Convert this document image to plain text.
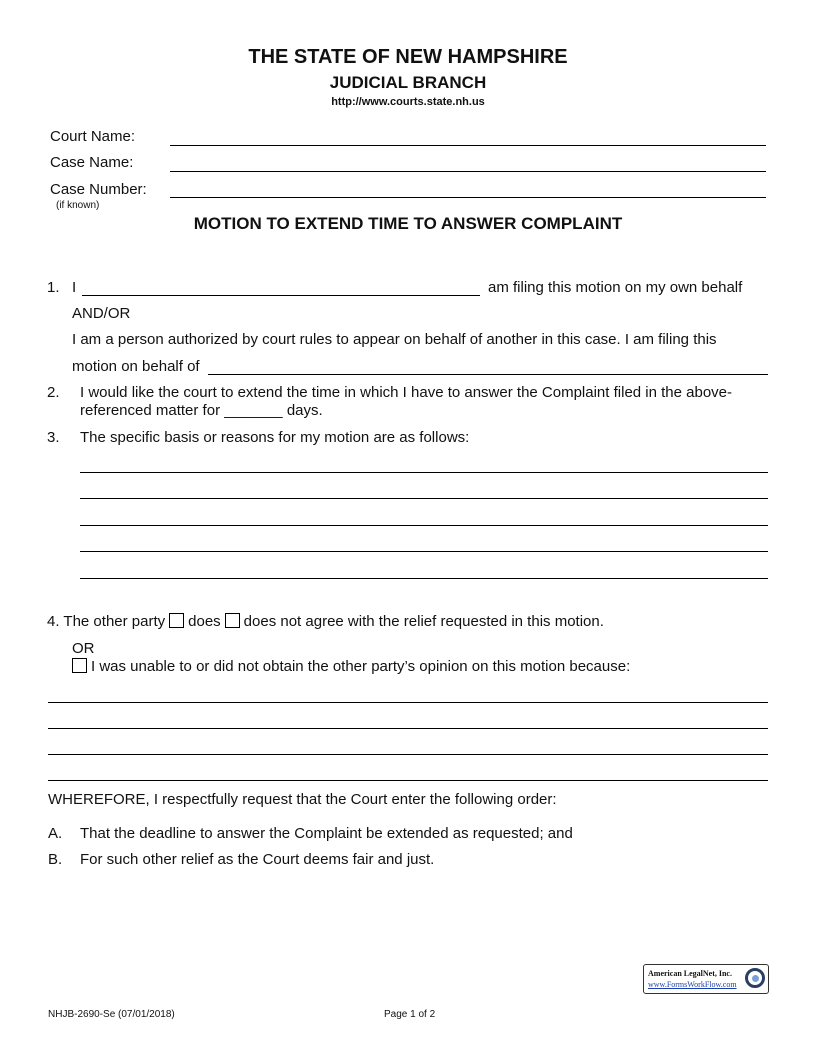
THE STATE OF NEW HAMPSHIRE
JUDICIAL BRANCH
http://www.courts.state.nh.us
Court Name:
Case Name:
Case Number:
(if known)
MOTION TO EXTEND TIME TO ANSWER COMPLAINT
1. I	am filing this motion on my own behalf
AND/OR
I am a person authorized by court rules to appear on behalf of another in this case. I am filing this
motion on behalf of
2. I would like the court to extend the time in which I have to answer the Complaint filed in the above-
referenced matter for _______ days.
3. The specific basis or reasons for my motion are as follows:
4. The other party does does not agree with the relief requested in this motion.
OR
I was unable to or did not obtain the other party’s opinion on this motion because:
WHEREFORE, I respectfully request that the Court enter the following order:
A. That the deadline to answer the Complaint be extended as requested; and
B. For such other relief as the Court deems fair and just.
American LegalNet, Inc.
www.FormsWorkFlow.com
NHJB-2690-Se (07/01/2018)	Page 1 of 2
